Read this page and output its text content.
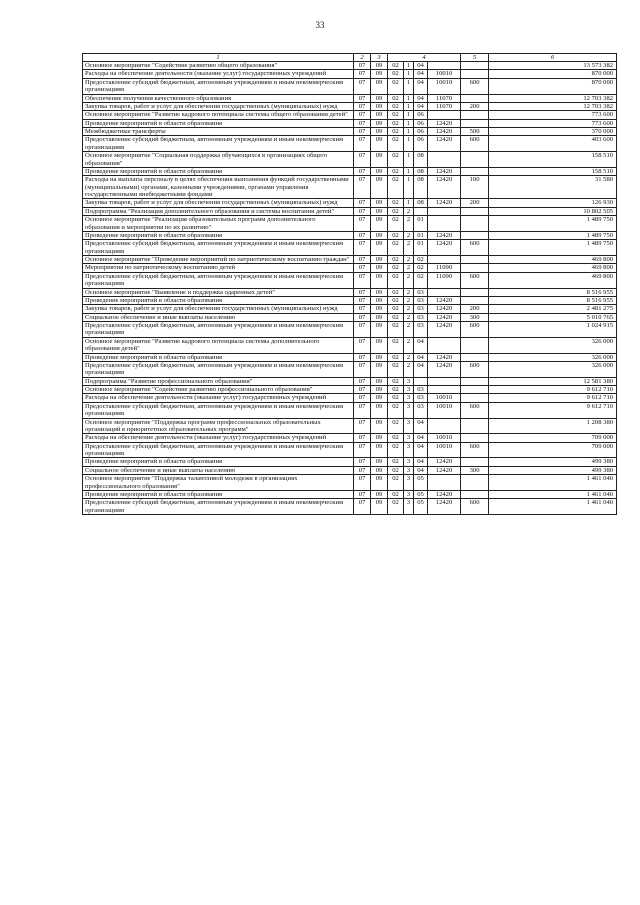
33
1	2	3	4				5	6
Основное мероприятие "Содействие развитию общего образования"	07	09	02	1	04			13 573 382
Расходы на обеспечение деятельности (оказание услуг) государственных учреждений	07	09	02	1	04	10010		870 000
Предоставление субсидий бюджетным, автономным учреждениям и иным некоммерческим организациям	07	09	02	1	04	10010	600	870 000
Обеспечение получения качественного образования	07	09	02	1	04	11070		12 703 382
Закупка товаров, работ и услуг для обеспечения государственных (муниципальных) нужд	07	09	02	1	04	11070	200	12 703 382
Основное мероприятие "Развитие кадрового потенциала системы общего образования детей"	07	09	02	1	06			773 600
Проведение мероприятий в области образования	07	09	02	1	06	12420		773 600
Межбюджетные трансферты	07	09	02	1	06	12420	500	370 000
Предоставление субсидий бюджетным, автономным учреждениям и иным некоммерческим организациям	07	09	02	1	06	12420	600	403 600
Основное мероприятие "Социальная поддержка обучающихся в организациях общего образования"	07	09	02	1	08			158 510
Проведение мероприятий в области образования	07	09	02	1	08	12420		158 510
Расходы на выплаты персоналу в целях обеспечения выполнения функций государственными (муниципальными) органами, казенными учреждениями, органами управления государственными внебюджетными фондами	07	09	02	1	08	12420	100	31 580
Закупка товаров, работ и услуг для обеспечения государственных (муниципальных) нужд	07	09	02	1	08	12420	200	126 930
Подпрограмма "Реализация дополнительного образования и системы воспитания детей"	07	09	02	2				10 802 505
Основное мероприятие "Реализация образовательных программ дополнительного образования и мероприятия по их развитию"	07	09	02	2	01			1 489 750
Проведение мероприятий в области образования	07	09	02	2	01	12420		1 489 750
Предоставление субсидий бюджетным, автономным учреждениям и иным некоммерческим организациям	07	09	02	2	01	12420	600	1 489 750
Основное мероприятие "Проведение мероприятий по патриотическому воспитанию граждан"	07	09	02	2	02			469 800
Мероприятия по патриотическому воспитанию детей	07	09	02	2	02	11090		469 800
Предоставление субсидий бюджетным, автономным учреждениям и иным некоммерческим организациям	07	09	02	2	02	11090	600	469 800
Основное мероприятие "Выявление и поддержка одаренных детей"	07	09	02	2	03			8 516 955
Проведение мероприятий в области образования	07	09	02	2	03	12420		8 516 955
Закупка товаров, работ и услуг для обеспечения государственных (муниципальных) нужд	07	09	02	2	03	12420	200	2 481 275
Социальное обеспечение и иные выплаты населению	07	09	02	2	03	12420	300	5 010 765
Предоставление субсидий бюджетным, автономным учреждениям и иным некоммерческим организациям	07	09	02	2	03	12420	600	1 024 915
Основное мероприятие "Развитие кадрового потенциала системы дополнительного образования детей"	07	09	02	2	04			326 000
Проведение мероприятий в области образования	07	09	02	2	04	12420		326 000
Предоставление субсидий бюджетным, автономным учреждениям и иным некоммерческим организациям	07	09	02	2	04	12420	600	326 000
Подпрограмма "Развитие профессионального образования"	07	09	02	3				12 581 380
Основное мероприятие "Содействие развитию профессионального образования"	07	09	02	3	03			9 612 710
Расходы на обеспечение деятельности (оказание услуг) государственных учреждений	07	09	02	3	03	10010		9 612 710
Предоставление субсидий бюджетным, автономным учреждениям и иным некоммерческим организациям	07	09	02	3	03	10010	600	9 612 710
Основное мероприятие "Поддержка программ профессиональных образовательных организаций в приоритетных образовательных программ"	07	09	02	3	04			1 208 380
Расходы на обеспечение деятельности (оказание услуг) государственных учреждений	07	09	02	3	04	10010		709 000
Предоставление субсидий бюджетным, автономным учреждениям и иным некоммерческим организациям	07	09	02	3	04	10010	600	709 000
Проведение мероприятий в области образования	07	09	02	3	04	12420		499 380
Социальное обеспечение и иные выплаты населению	07	09	02	3	04	12420	300	499 380
Основное мероприятие "Поддержка талантливой молодежи в организациях профессионального образования"	07	09	02	3	05			1 461 040
Проведение мероприятий в области образования	07	09	02	3	05	12420		1 461 040
Предоставление субсидий бюджетным, автономным учреждениям и иным некоммерческим организациям	07	09	02	3	05	12420	600	1 461 040
